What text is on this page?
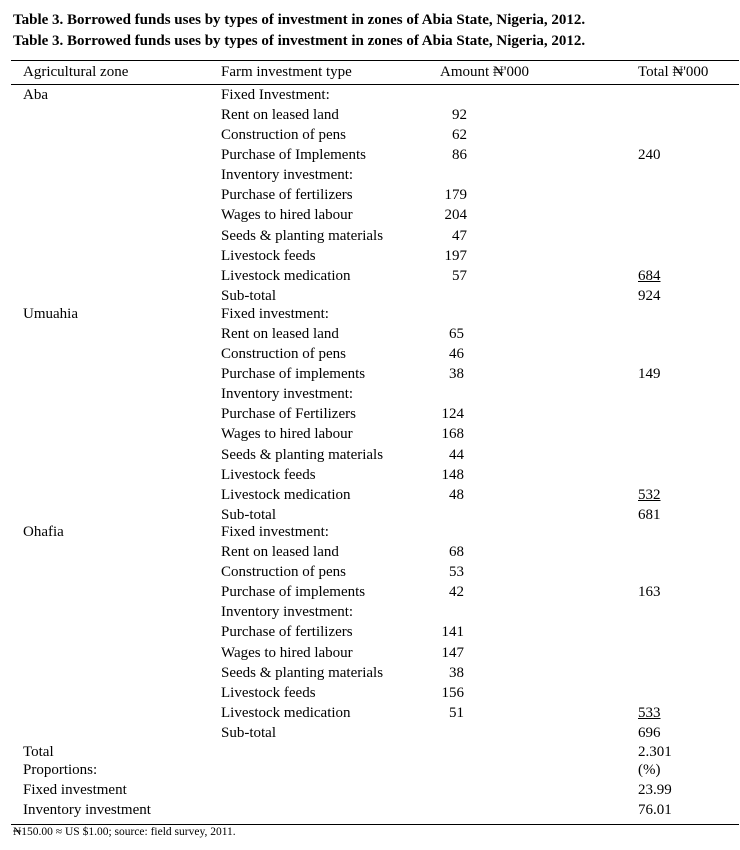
Table 3. Borrowed funds uses by types of investment in zones of Abia State, Nigeria, 2012.
Table 3. Borrowed funds uses by types of investment in zones of Abia State, Nigeria, 2012.
Agricultural zone	Farm investment type	Amount ₦'000	Total ₦'000
Aba	Fixed Investment:
Rent on leased land	92
Construction of pens	62
Purchase of Implements	86	240
Inventory investment:
Purchase of fertilizers	179
Wages to hired labour	204
Seeds & planting materials	47
Livestock feeds	197
Livestock medication	57	684
Sub-total	924
Umuahia	Fixed investment:
Rent on leased land	65
Construction of pens	46
Purchase of implements	38	149
Inventory investment:
Purchase of Fertilizers	124
Wages to hired labour	168
Seeds & planting materials	44
Livestock feeds	148
Livestock medication	48	532
Sub-total	681
Ohafia	Fixed investment:
Rent on leased land	68
Construction of pens	53
Purchase of implements	42	163
Inventory investment:
Purchase of fertilizers	141
Wages to hired labour	147
Seeds & planting materials	38
Livestock feeds	156
Livestock medication	51	533
Sub-total	696
Total	2.301
Proportions:	(%)
Fixed investment	23.99
Inventory investment	76.01
₦150.00 ≈ US $1.00; source: field survey, 2011.
